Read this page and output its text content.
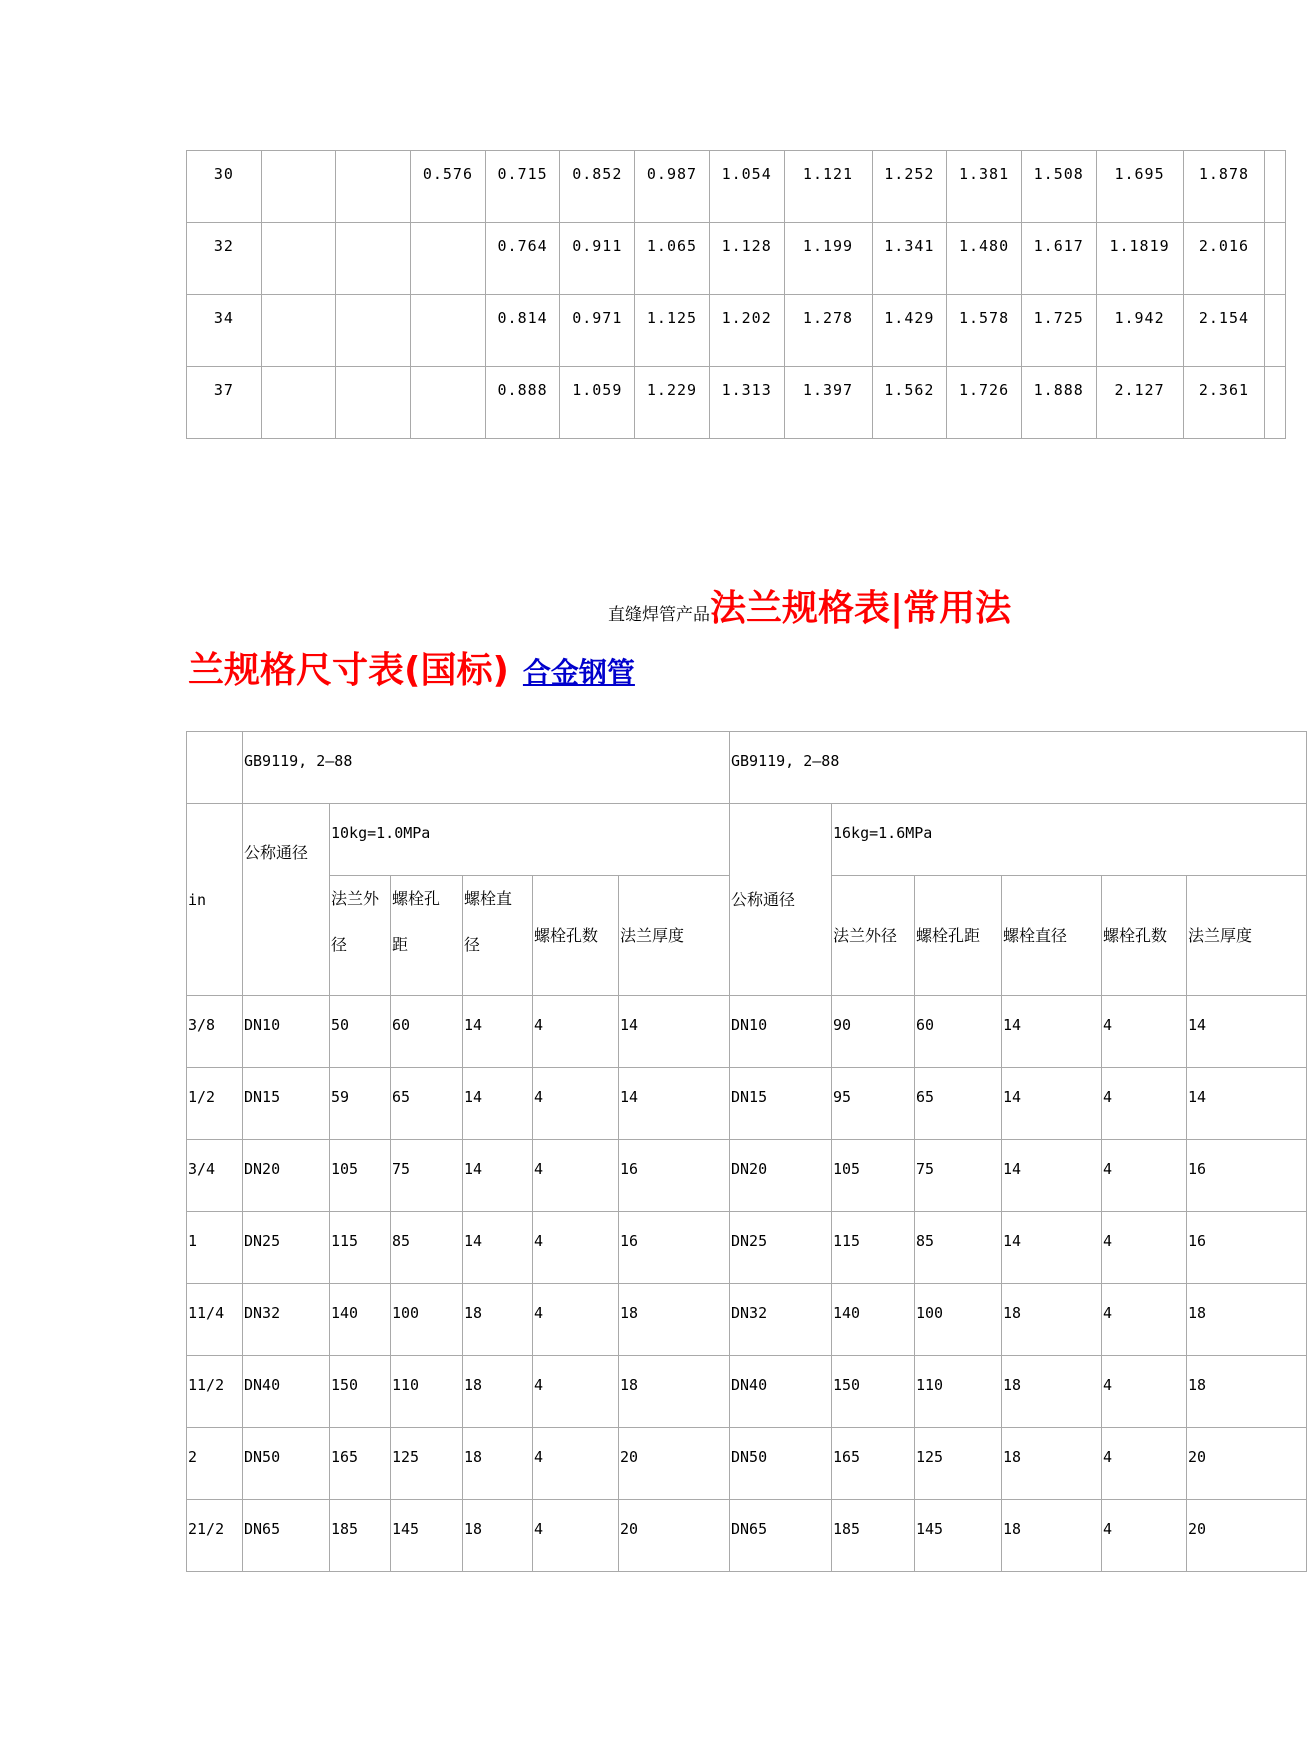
30			0.576	0.715	0.852	0.987	1.054	1.121	1.252	1.381	1.508	1.695	1.878	
32				0.764	0.911	1.065	1.128	1.199	1.341	1.480	1.617	1.1819	2.016	
34				0.814	0.971	1.125	1.202	1.278	1.429	1.578	1.725	1.942	2.154	
37				0.888	1.059	1.229	1.313	1.397	1.562	1.726	1.888	2.127	2.361	
直缝焊管产品法兰规格表|常用法
兰规格尺寸表(国标) 合金钢管
	GB9119, 2—88						GB9119, 2—88					
in	公称通径	10kg=1.0MPa					公称通径	16kg=1.6MPa				

		法兰外径	螺栓孔距	螺栓直径	螺栓孔数	法兰厚度		法兰外径	螺栓孔距	螺栓直径	螺栓孔数	法兰厚度
3/8	DN10	50	60	14	4	14	DN10	90	60	14	4	14
1/2	DN15	59	65	14	4	14	DN15	95	65	14	4	14
3/4	DN20	105	75	14	4	16	DN20	105	75	14	4	16
1	DN25	115	85	14	4	16	DN25	115	85	14	4	16
11/4	DN32	140	100	18	4	18	DN32	140	100	18	4	18
11/2	DN40	150	110	18	4	18	DN40	150	110	18	4	18
2	DN50	165	125	18	4	20	DN50	165	125	18	4	20
21/2	DN65	185	145	18	4	20	DN65	185	145	18	4	20
